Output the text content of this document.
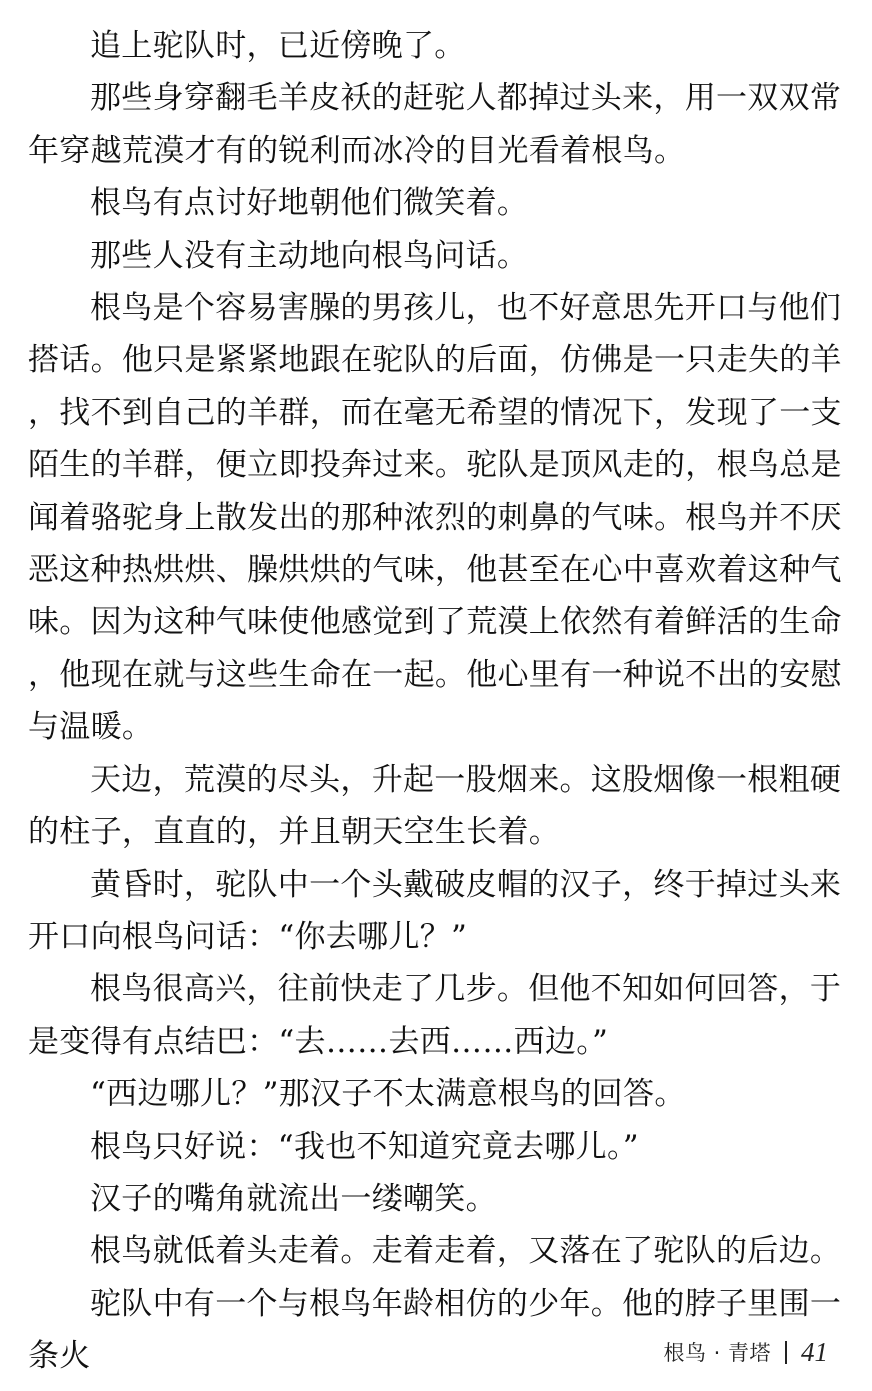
追上驼队时，已近傍晚了。

那些身穿翻毛羊皮袄的赶驼人都掉过头来，用一双双常年穿越荒漠才有的锐利而冰冷的目光看着根鸟。

根鸟有点讨好地朝他们微笑着。

那些人没有主动地向根鸟问话。

根鸟是个容易害臊的男孩儿，也不好意思先开口与他们搭话。他只是紧紧地跟在驼队的后面，仿佛是一只走失的羊，找不到自己的羊群，而在毫无希望的情况下，发现了一支陌生的羊群，便立即投奔过来。驼队是顶风走的，根鸟总是闻着骆驼身上散发出的那种浓烈的刺鼻的气味。根鸟并不厌恶这种热烘烘、臊烘烘的气味，他甚至在心中喜欢着这种气味。因为这种气味使他感觉到了荒漠上依然有着鲜活的生命，他现在就与这些生命在一起。他心里有一种说不出的安慰与温暖。

天边，荒漠的尽头，升起一股烟来。这股烟像一根粗硬的柱子，直直的，并且朝天空生长着。

黄昏时，驼队中一个头戴破皮帽的汉子，终于掉过头来开口向根鸟问话：“你去哪儿？”

根鸟很高兴，往前快走了几步。但他不知如何回答，于是变得有点结巴：“去……去西……西边。”

“西边哪儿？”那汉子不太满意根鸟的回答。

根鸟只好说：“我也不知道究竟去哪儿。”

汉子的嘴角就流出一缕嘲笑。

根鸟就低着头走着。走着走着，又落在了驼队的后边。

驼队中有一个与根鸟年龄相仿的少年。他的脖子里围一条火	根鸟 · 青塔 41
